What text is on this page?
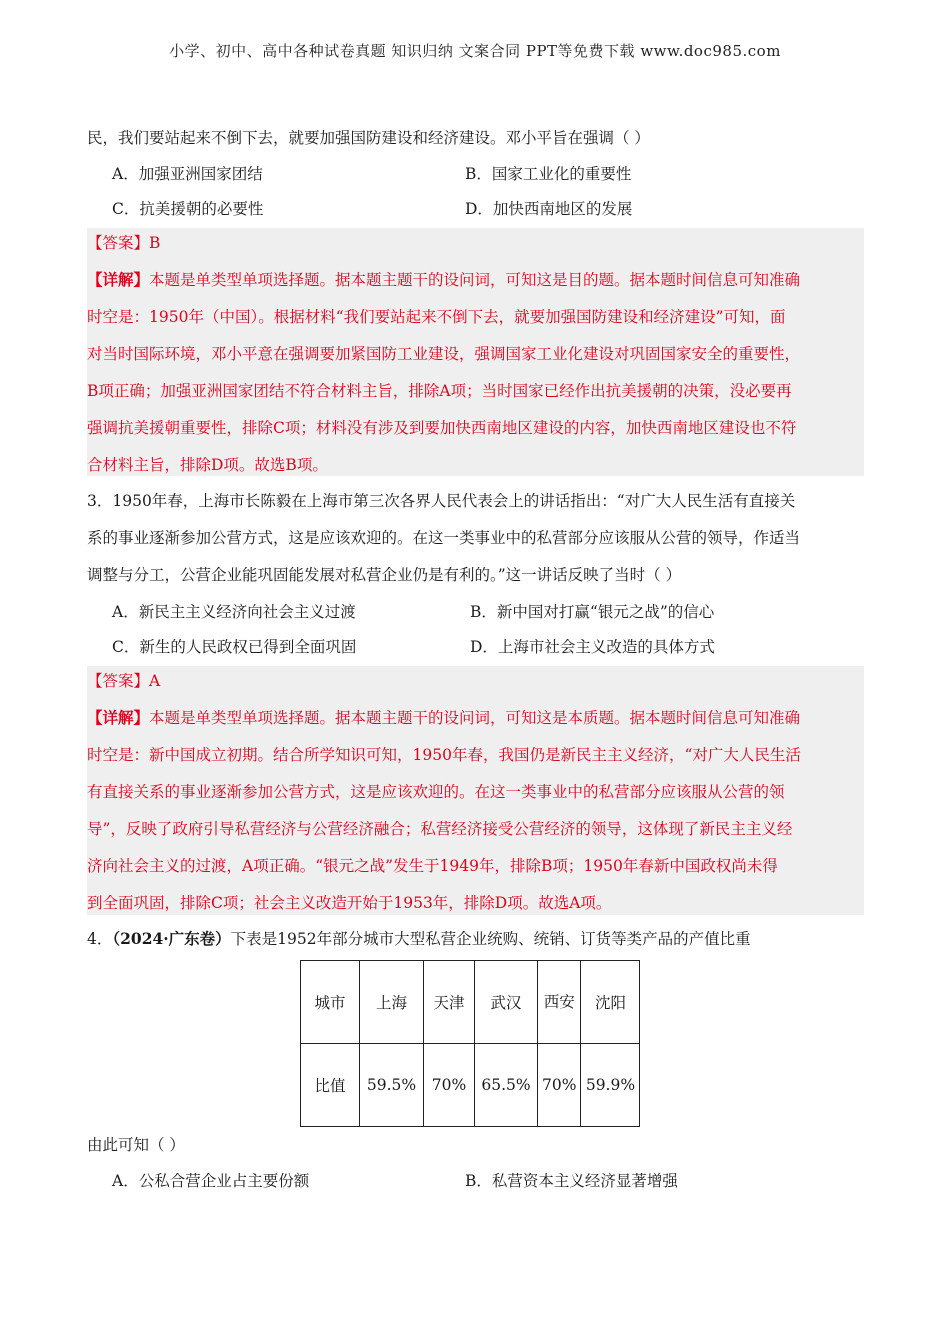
小学、初中、高中各种试卷真题 知识归纳 文案合同 PPT等免费下载 www.doc985.com
民，我们要站起来不倒下去，就要加强国防建设和经济建设。邓小平旨在强调（ ）
A．加强亚洲国家团结	B．国家工业化的重要性
C．抗美援朝的必要性	D．加快西南地区的发展
【答案】B
【详解】本题是单类型单项选择题。据本题主题干的设问词，可知这是目的题。据本题时间信息可知准确
时空是：1950年（中国）。根据材料“我们要站起来不倒下去，就要加强国防建设和经济建设”可知，面
对当时国际环境，邓小平意在强调要加紧国防工业建设，强调国家工业化建设对巩固国家安全的重要性，
B项正确；加强亚洲国家团结不符合材料主旨，排除A项；当时国家已经作出抗美援朝的决策，没必要再
强调抗美援朝重要性，排除C项；材料没有涉及到要加快西南地区建设的内容，加快西南地区建设也不符
合材料主旨，排除D项。故选B项。
3．1950年春，上海市长陈毅在上海市第三次各界人民代表会上的讲话指出：“对广大人民生活有直接关
系的事业逐渐参加公营方式，这是应该欢迎的。在这一类事业中的私营部分应该服从公营的领导，作适当
调整与分工，公营企业能巩固能发展对私营企业仍是有利的。”这一讲话反映了当时（ ）
A．新民主主义经济向社会主义过渡	B．新中国对打赢“银元之战”的信心
C．新生的人民政权已得到全面巩固	D．上海市社会主义改造的具体方式
【答案】A
【详解】本题是单类型单项选择题。据本题主题干的设问词，可知这是本质题。据本题时间信息可知准确
时空是：新中国成立初期。结合所学知识可知，1950年春，我国仍是新民主主义经济，“对广大人民生活
有直接关系的事业逐渐参加公营方式，这是应该欢迎的。在这一类事业中的私营部分应该服从公营的领
导”，反映了政府引导私营经济与公营经济融合；私营经济接受公营经济的领导，这体现了新民主主义经
济向社会主义的过渡，A项正确。“银元之战”发生于1949年，排除B项；1950年春新中国政权尚未得
到全面巩固，排除C项；社会主义改造开始于1953年，排除D项。故选A项。
4．（2024·广东卷）下表是1952年部分城市大型私营企业统购、统销、订货等类产品的产值比重
城市	上海	天津	武汉	西安	沈阳
比值	59.5%	70%	65.5%	70%	59.9%
由此可知（ ）
A．公私合营企业占主要份额	B．私营资本主义经济显著增强
